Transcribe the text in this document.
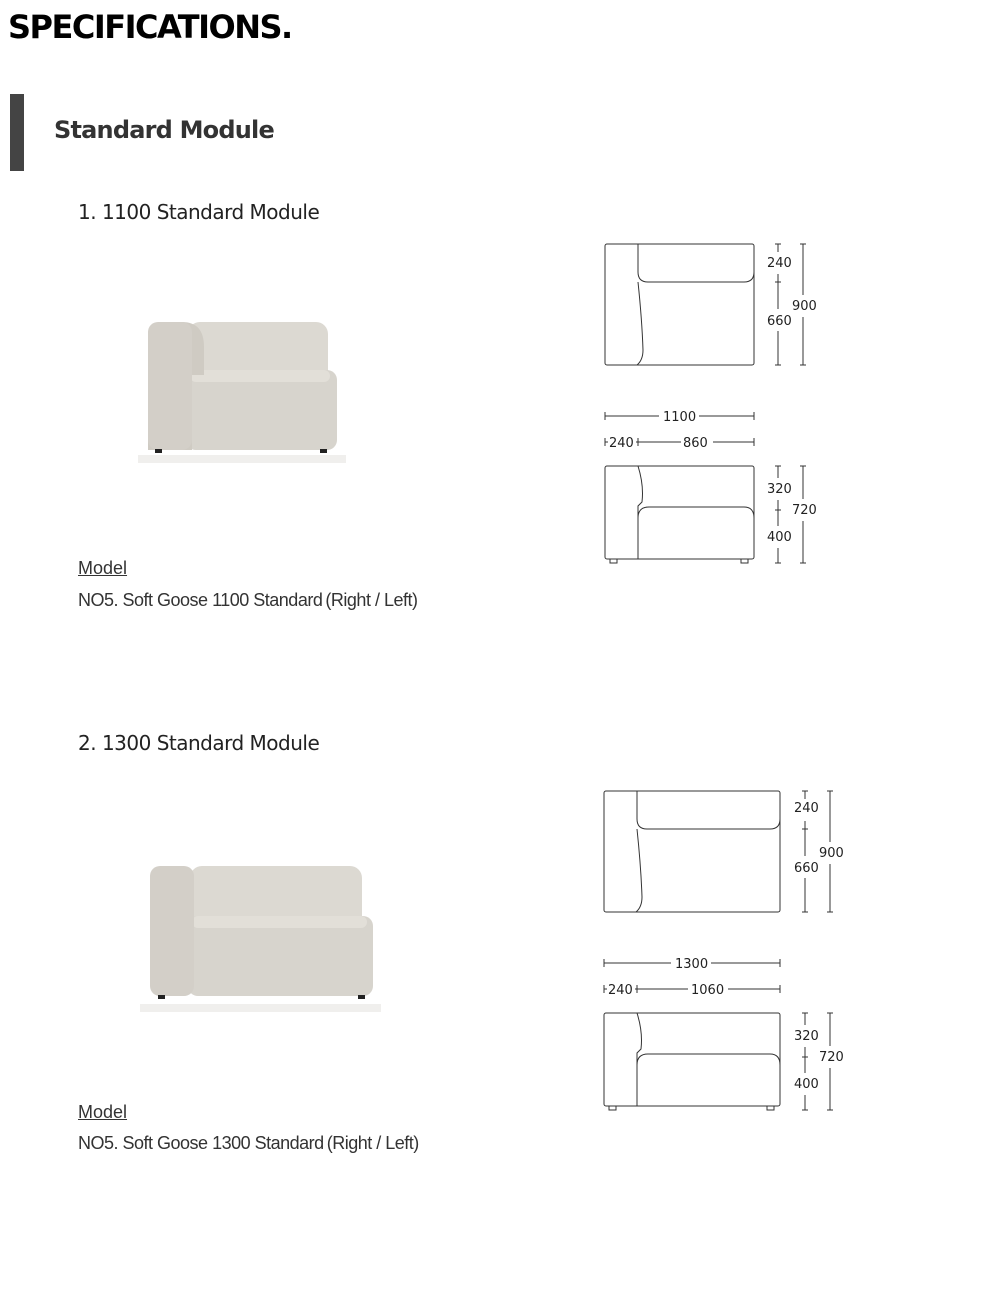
SPECIFICATIONS.
Standard Module
1. 1100 Standard Module
Model
NO5. Soft Goose 1100 Standard (Right / Left)
240
660
900
1100
240	860
320
400
720
2. 1300 Standard Module
Model
NO5. Soft Goose 1300 Standard (Right / Left)
240
660
900
1300
240	1060
320
400
720
